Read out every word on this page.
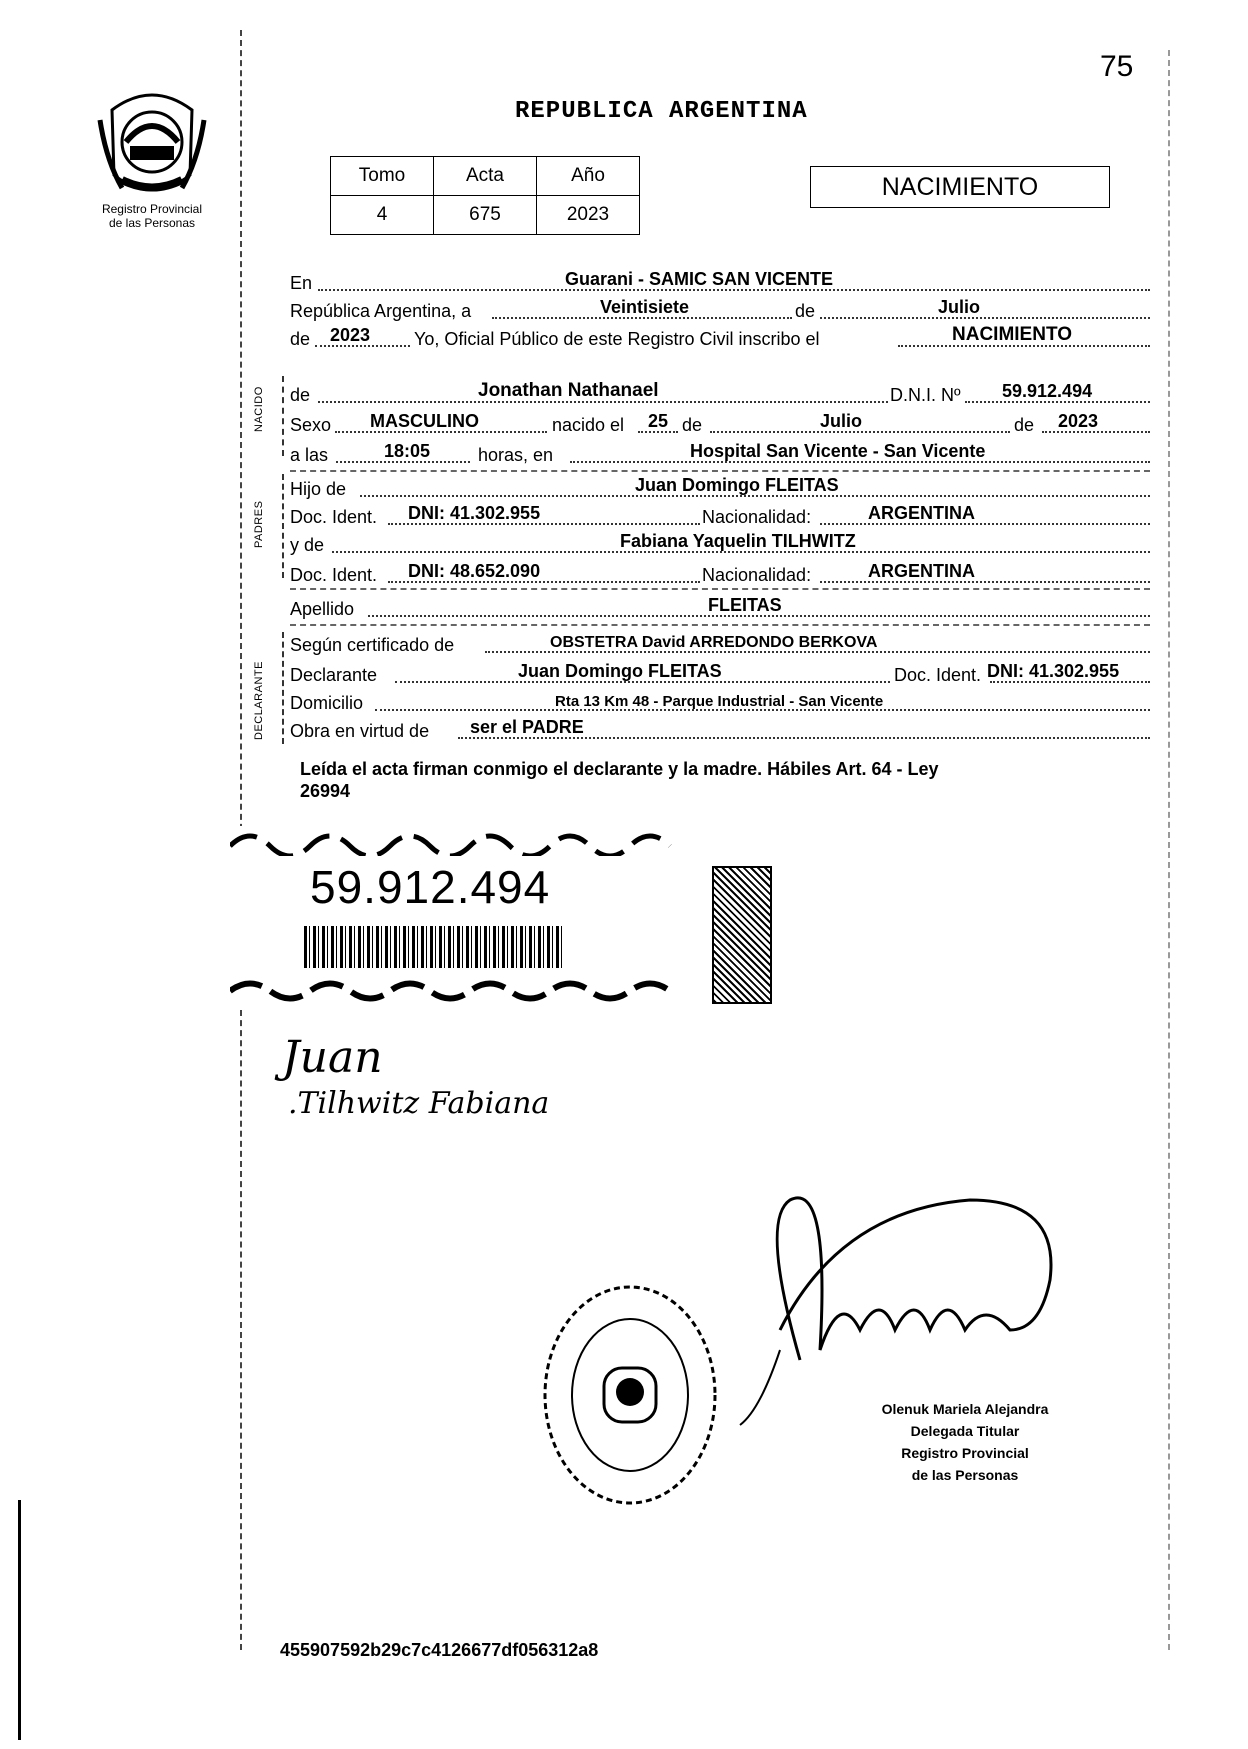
75
Registro Provincial
de las Personas
REPUBLICA ARGENTINA
Tomo	Acta	Año
4	675	2023
NACIMIENTO
En	Guarani - SAMIC SAN VICENTE
República Argentina, a	Veintisiete	de	Julio
de 2023 Yo, Oficial Público de este Registro Civil inscribo el	NACIMIENTO
NACIDO de	Jonathan Nathanael	D.N.I. Nº 59.912.494
Sexo MASCULINO	nacido el 25 de	Julio	de 2023
a las	18:05	horas, en	Hospital San Vicente - San Vicente
PADRES
Hijo de	Juan Domingo FLEITAS
Doc. Ident. DNI: 41.302.955	Nacionalidad:	ARGENTINA
y de	Fabiana Yaquelin TILHWITZ
Doc. Ident. DNI: 48.652.090	Nacionalidad:	ARGENTINA
Apellido	FLEITAS
DECLARANTE
Según certificado de	OBSTETRA David ARREDONDO BERKOVA
Declarante	Juan Domingo FLEITAS	Doc. Ident. DNI: 41.302.955
Domicilio	Rta 13 Km 48 - Parque Industrial - San Vicente
Obra en virtud de ser el PADRE
Leída el acta firman conmigo el declarante y la madre. Hábiles Art. 64 - Ley
26994
59.912.494
Juan
.Tilhwitz Fabiana
Olenuk Mariela Alejandra
Delegada Titular
Registro Provincial
de las Personas
455907592b29c7c4126677df056312a8
